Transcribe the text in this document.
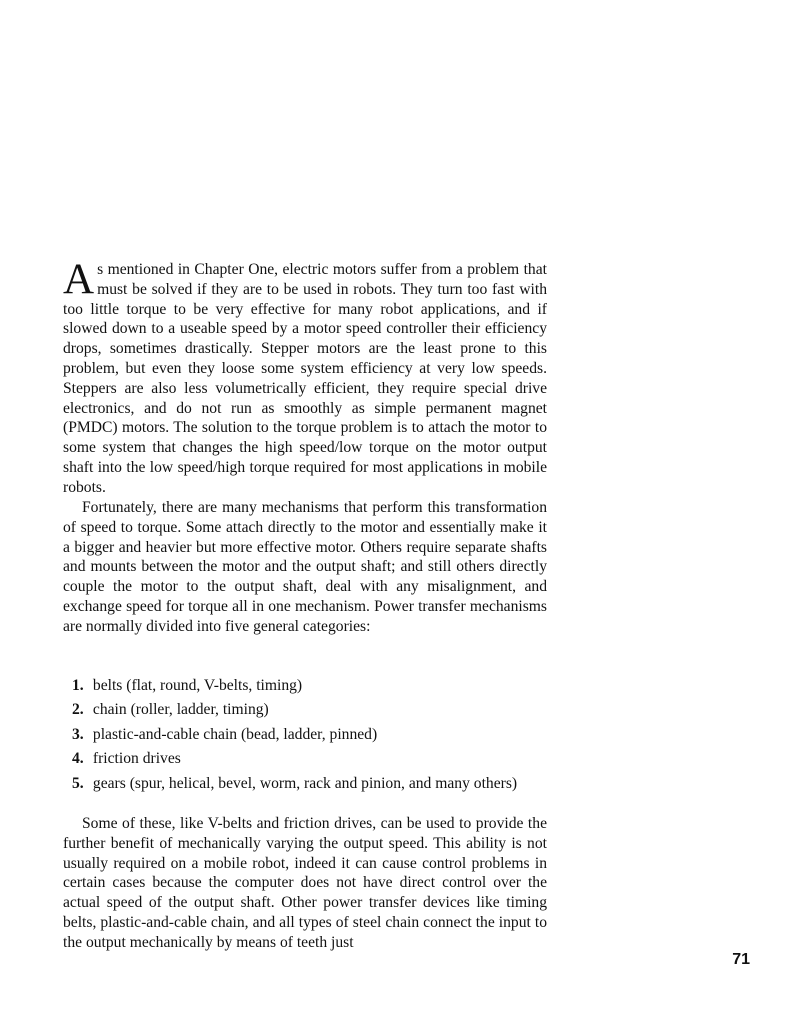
As mentioned in Chapter One, electric motors suffer from a problem that must be solved if they are to be used in robots. They turn too fast with too little torque to be very effective for many robot applications, and if slowed down to a useable speed by a motor speed controller their efficiency drops, sometimes drastically. Stepper motors are the least prone to this problem, but even they loose some system efficiency at very low speeds. Steppers are also less volumetrically efficient, they require special drive electronics, and do not run as smoothly as simple permanent magnet (PMDC) motors. The solution to the torque problem is to attach the motor to some system that changes the high speed/low torque on the motor output shaft into the low speed/high torque required for most applications in mobile robots.

Fortunately, there are many mechanisms that perform this transformation of speed to torque. Some attach directly to the motor and essentially make it a bigger and heavier but more effective motor. Others require separate shafts and mounts between the motor and the output shaft; and still others directly couple the motor to the output shaft, deal with any misalignment, and exchange speed for torque all in one mechanism. Power transfer mechanisms are normally divided into five general categories:

1. belts (flat, round, V-belts, timing)
2. chain (roller, ladder, timing)
3. plastic-and-cable chain (bead, ladder, pinned)
4. friction drives
5. gears (spur, helical, bevel, worm, rack and pinion, and many others)

Some of these, like V-belts and friction drives, can be used to provide the further benefit of mechanically varying the output speed. This ability is not usually required on a mobile robot, indeed it can cause control problems in certain cases because the computer does not have direct control over the actual speed of the output shaft. Other power transfer devices like timing belts, plastic-and-cable chain, and all types of steel chain connect the input to the output mechanically by means of teeth just

71
